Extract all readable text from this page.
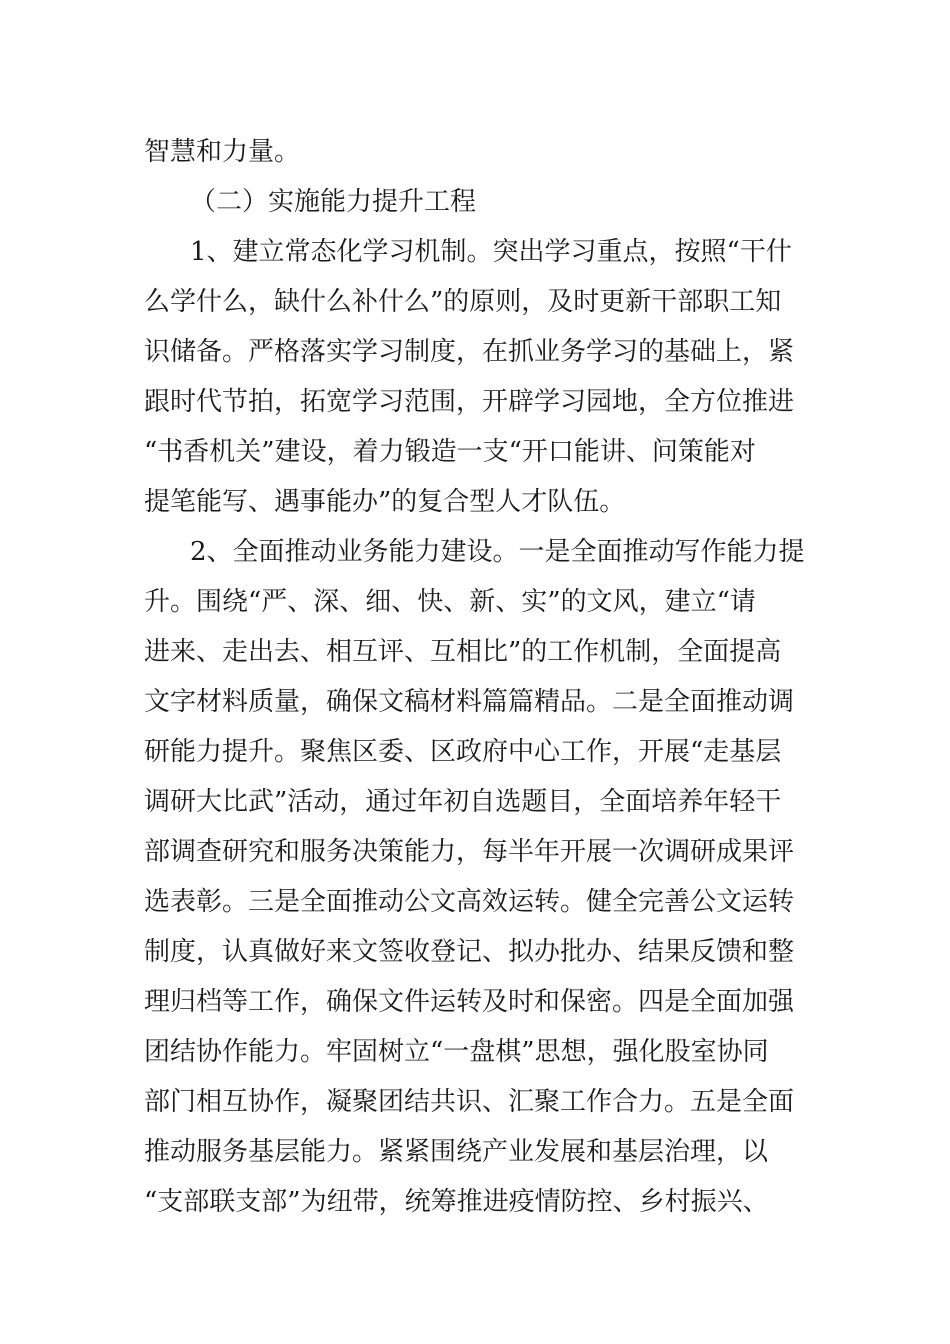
智慧和力量。
（二）实施能力提升工程
1、建立常态化学习机制。突出学习重点，按照“干什
么学什么，缺什么补什么”的原则，及时更新干部职工知
识储备。严格落实学习制度，在抓业务学习的基础上，紧
跟时代节拍，拓宽学习范围，开辟学习园地，全方位推进
“书香机关”建设，着力锻造一支“开口能讲、问策能对
提笔能写、遇事能办”的复合型人才队伍。
2、全面推动业务能力建设。一是全面推动写作能力提
升。围绕“严、深、细、快、新、实”的文风，建立“请
进来、走出去、相互评、互相比”的工作机制，全面提高
文字材料质量，确保文稿材料篇篇精品。二是全面推动调
研能力提升。聚焦区委、区政府中心工作，开展“走基层
调研大比武”活动，通过年初自选题目，全面培养年轻干
部调查研究和服务决策能力，每半年开展一次调研成果评
选表彰。三是全面推动公文高效运转。健全完善公文运转
制度，认真做好来文签收登记、拟办批办、结果反馈和整
理归档等工作，确保文件运转及时和保密。四是全面加强
团结协作能力。牢固树立“一盘棋”思想，强化股室协同
部门相互协作，凝聚团结共识、汇聚工作合力。五是全面
推动服务基层能力。紧紧围绕产业发展和基层治理，以
“支部联支部”为纽带，统筹推进疫情防控、乡村振兴、
